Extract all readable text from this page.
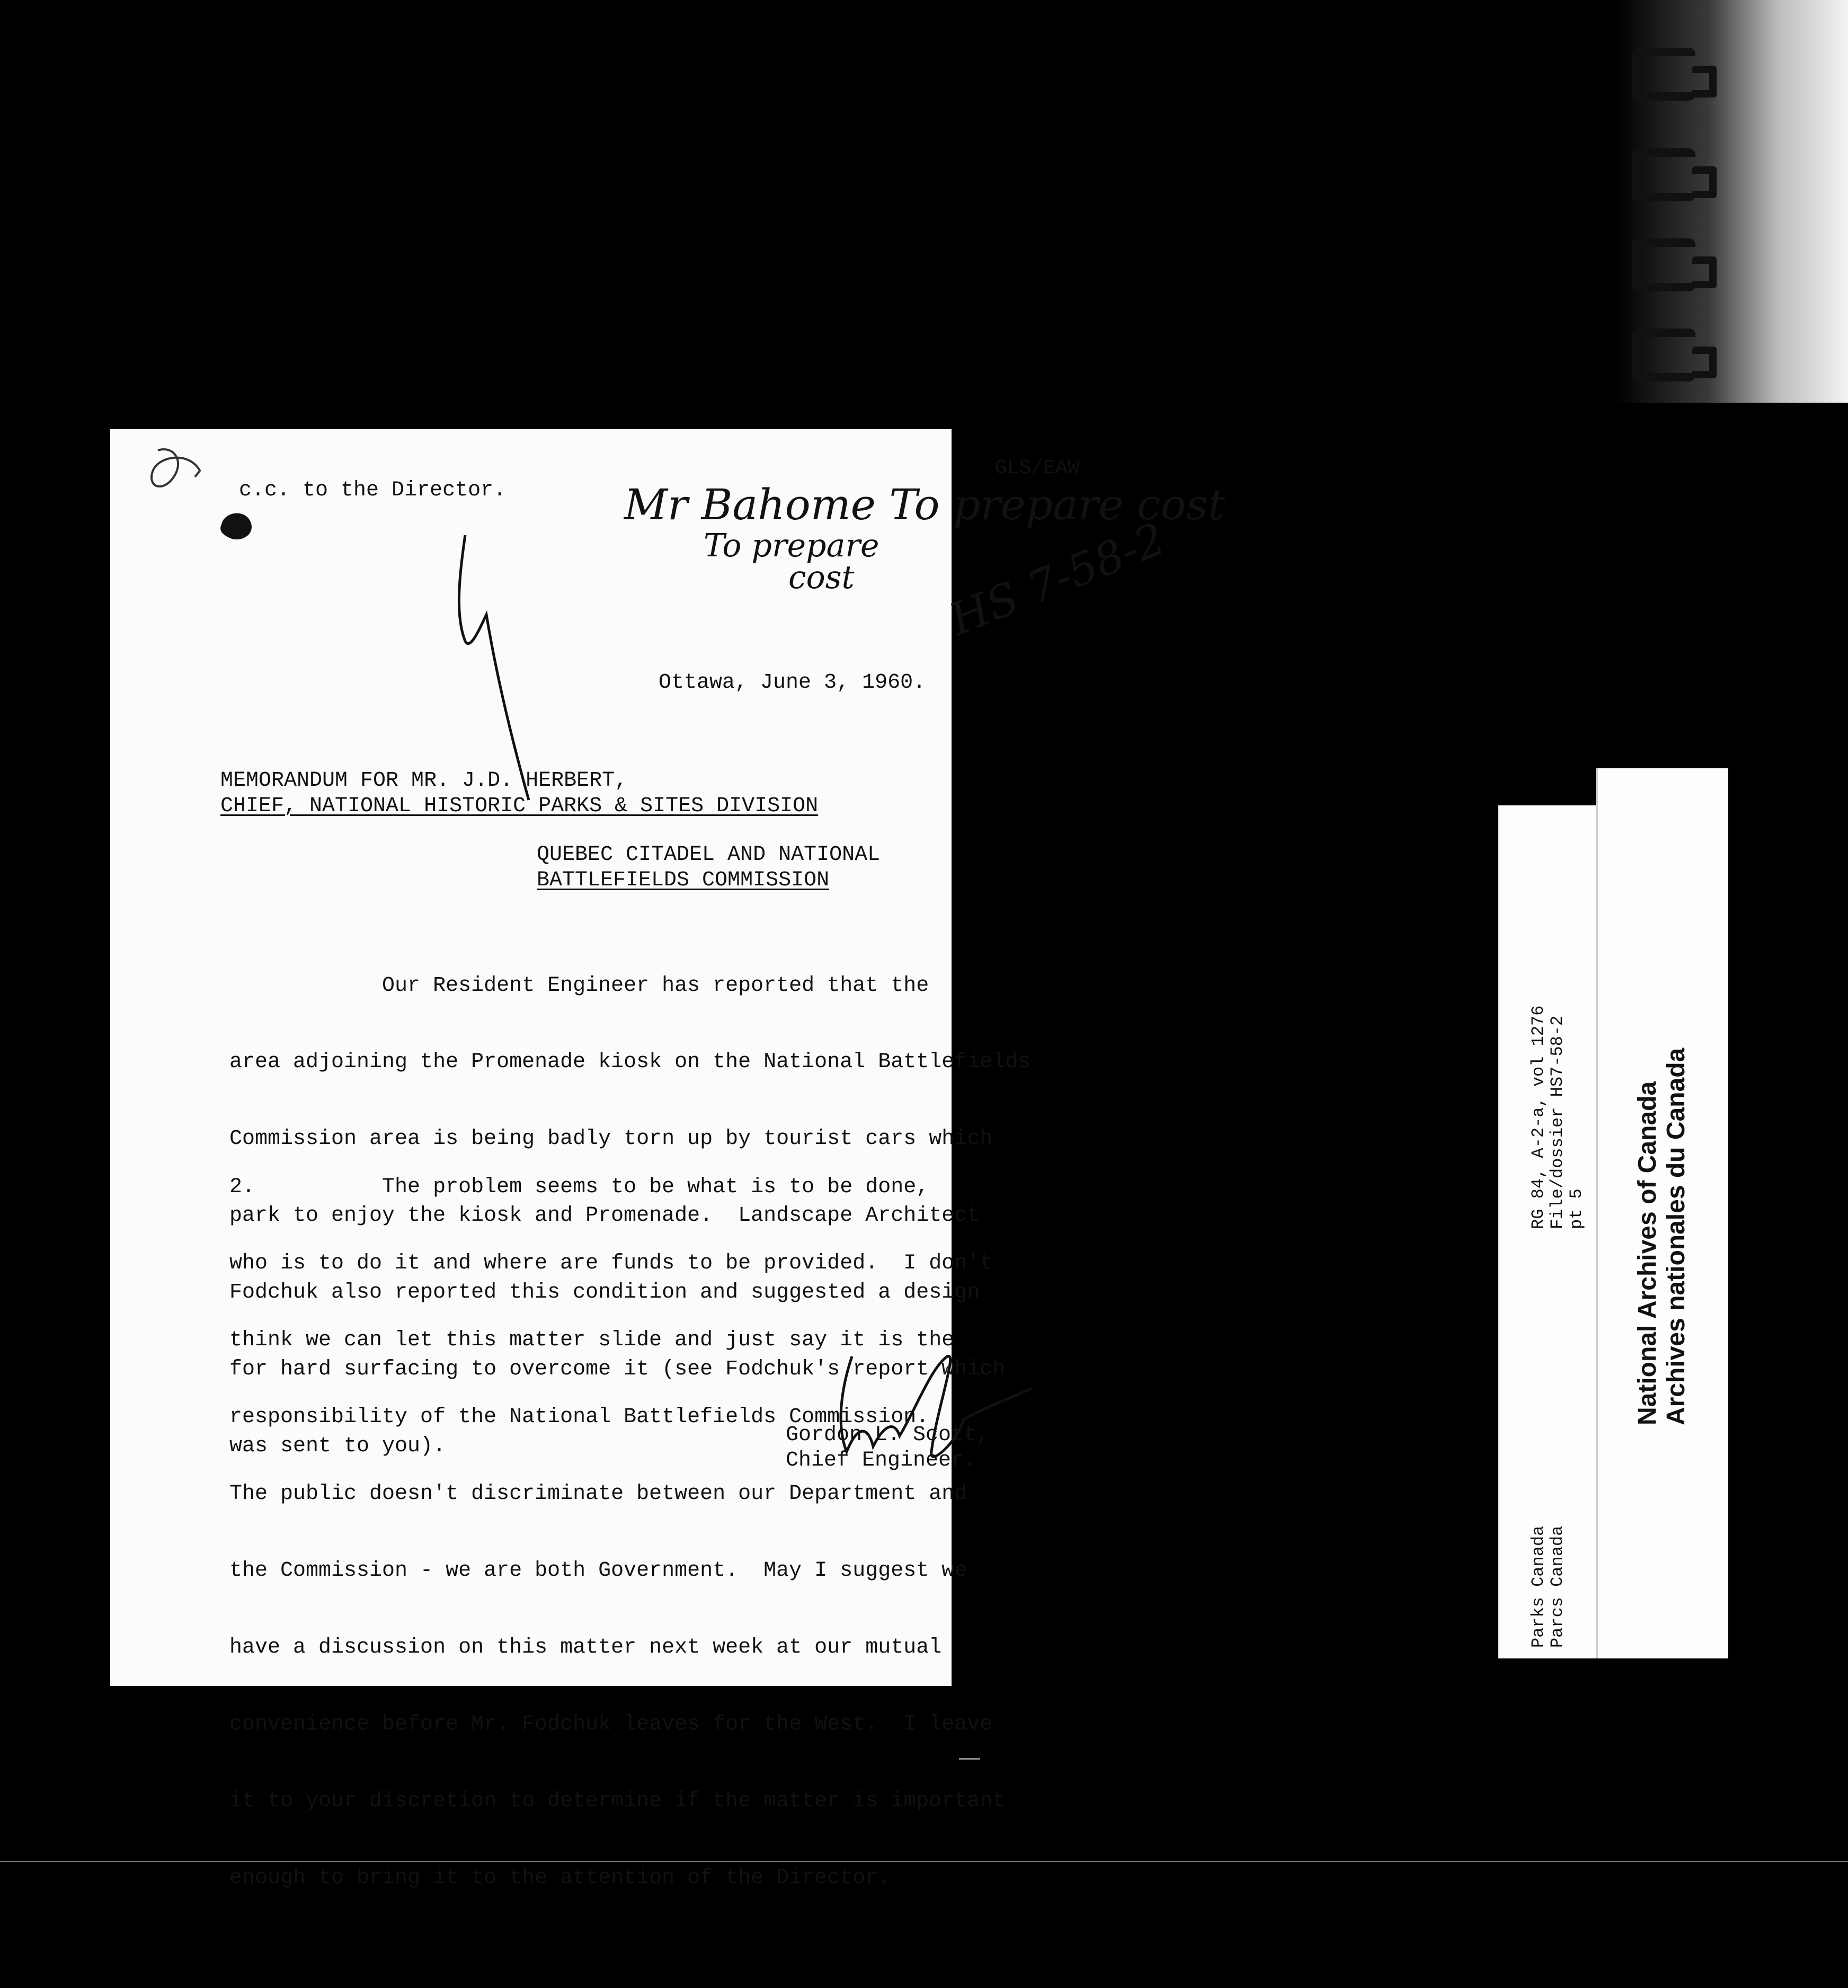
c.c. to the Director.
GLS/EAW
Mr Bahome To prepare cost
To prepare
cost HS 7-58-2
Ottawa, June 3, 1960.
MEMORANDUM FOR MR. J.D. HERBERT,
CHIEF, NATIONAL HISTORIC PARKS & SITES DIVISION
QUEBEC CITADEL AND NATIONAL
BATTLEFIELDS COMMISSION

Our Resident Engineer has reported that the

area adjoining the Promenade kiosk on the National Battlefields

Commission area is being badly torn up by tourist cars which

park to enjoy the kiosk and Promenade.  Landscape Architect

Fodchuk also reported this condition and suggested a design

for hard surfacing to overcome it (see Fodchuk's report which

was sent to you).

2.          The problem seems to be what is to be done,

who is to do it and where are funds to be provided.  I don't

think we can let this matter slide and just say it is the

responsibility of the National Battlefields Commission.

The public doesn't discriminate between our Department and

the Commission - we are both Government.  May I suggest we

have a discussion on this matter next week at our mutual

convenience before Mr. Fodchuk leaves for the West.  I leave

it to your discretion to determine if the matter is important

enough to bring it to the attention of the Director.

Gordon L. Scott,
Chief Engineer.
RG 84, A-2-a, vol 1276 File/dossier HS7-58-2 pt 5
Parks Canada Parcs Canada
National Archives of Canada Archives nationales du Canada
